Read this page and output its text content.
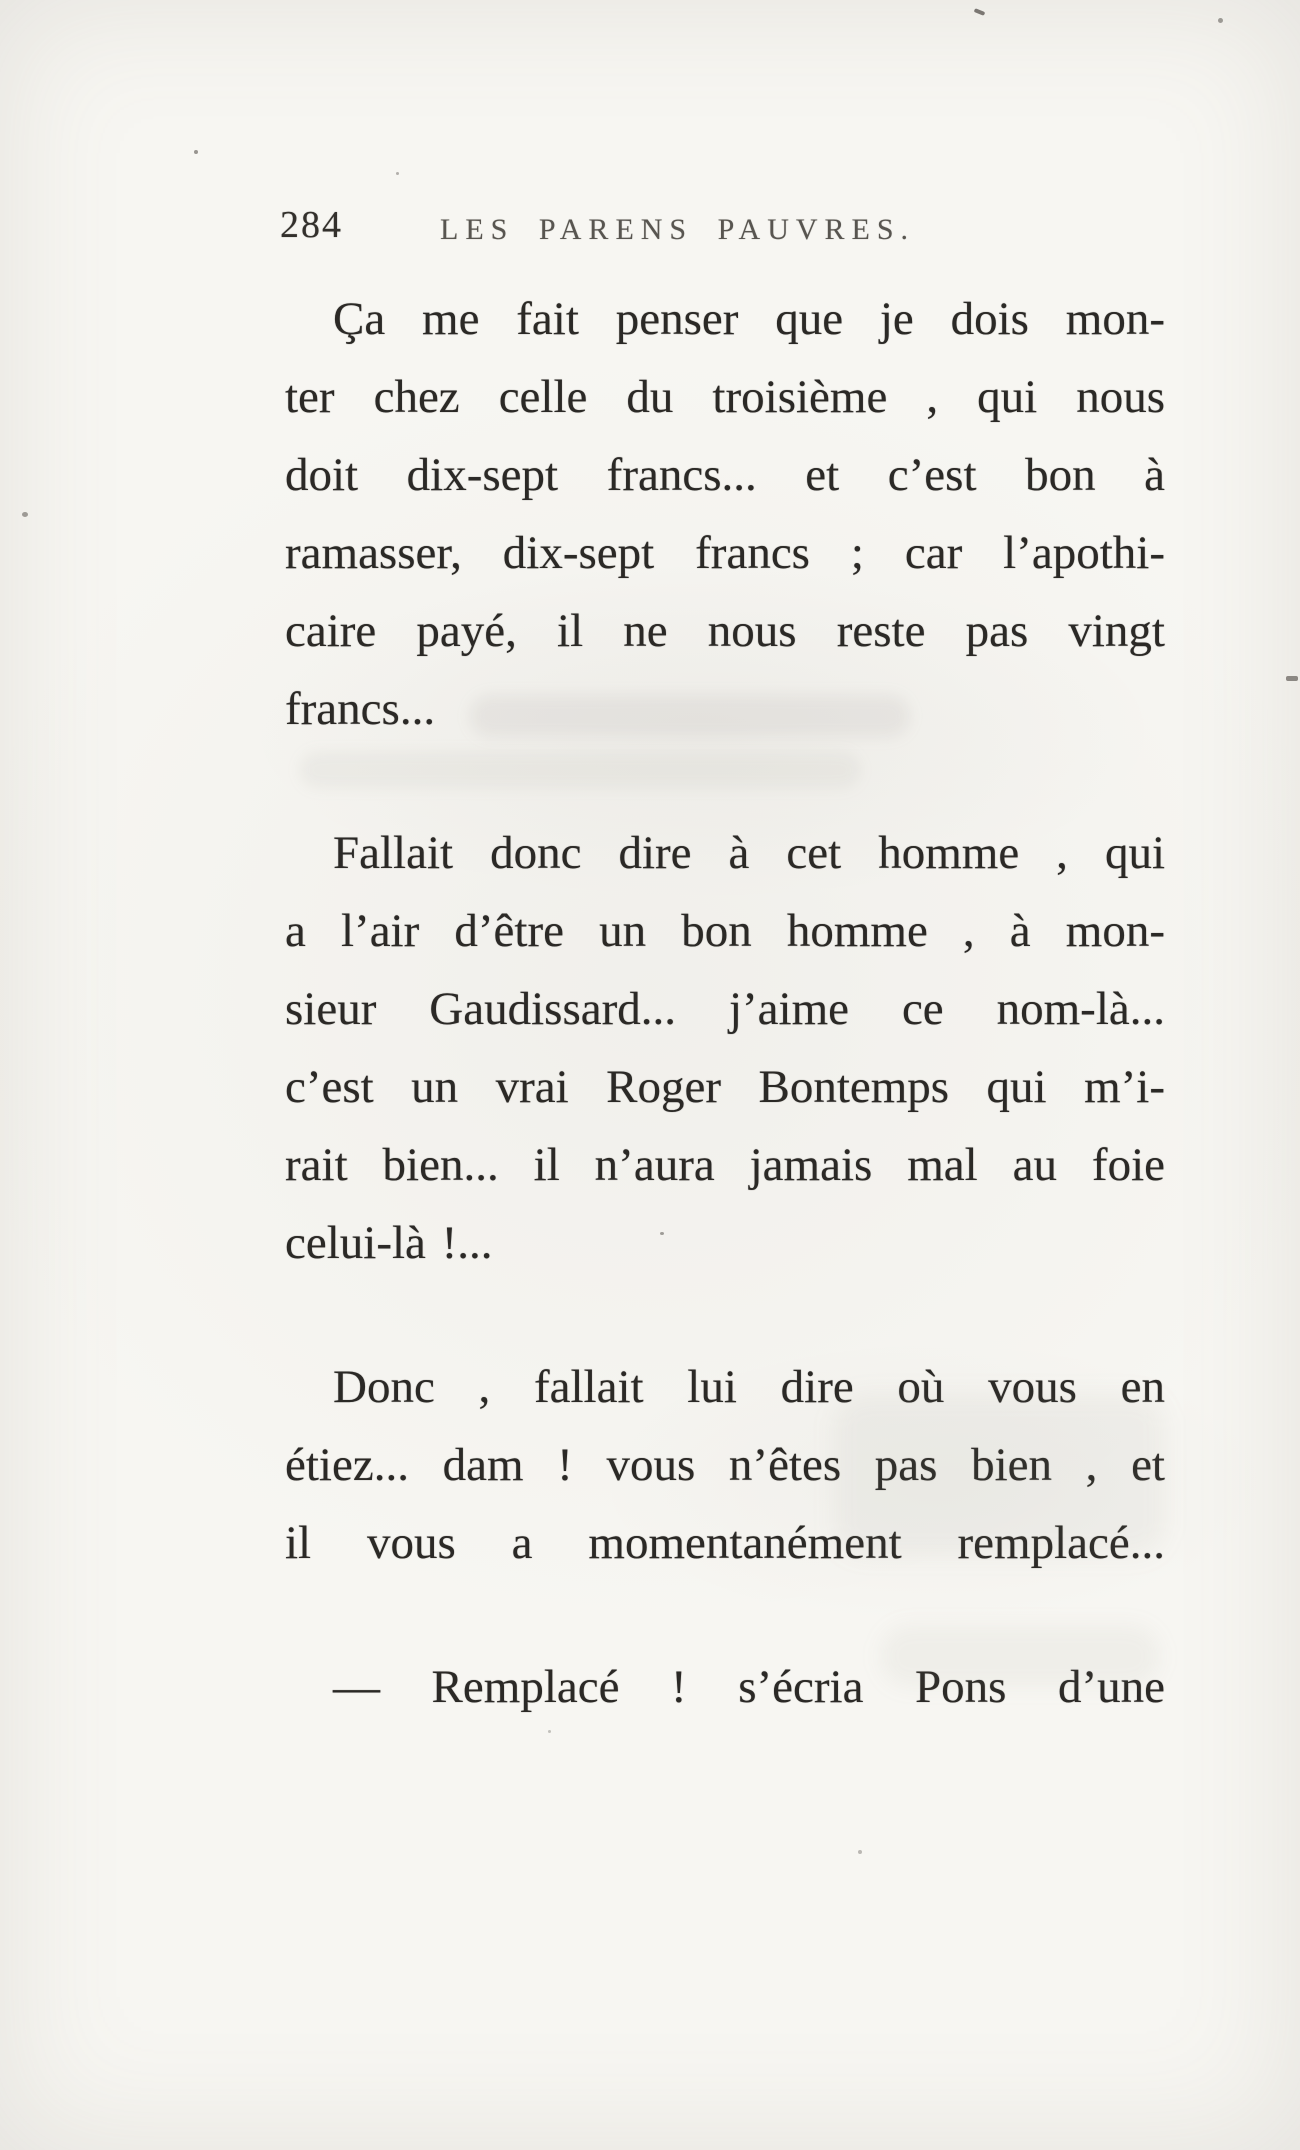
284	LES PARENS PAUVRES.
Ça me fait penser que je dois mon-
ter chez celle du troisième , qui nous
doit dix-sept francs... et c’est bon à
ramasser, dix-sept francs ; car l’apothi-
caire payé, il ne nous reste pas vingt
francs...
Fallait donc dire à cet homme , qui
a l’air d’être un bon homme , à mon-
sieur Gaudissard... j’aime ce nom-là...
c’est un vrai Roger Bontemps qui m’i-
rait bien... il n’aura jamais mal au foie
celui-là !...
Donc , fallait lui dire où vous en
étiez... dam ! vous n’êtes pas bien , et
il vous a momentanément remplacé...
— Remplacé ! s’écria Pons d’une
